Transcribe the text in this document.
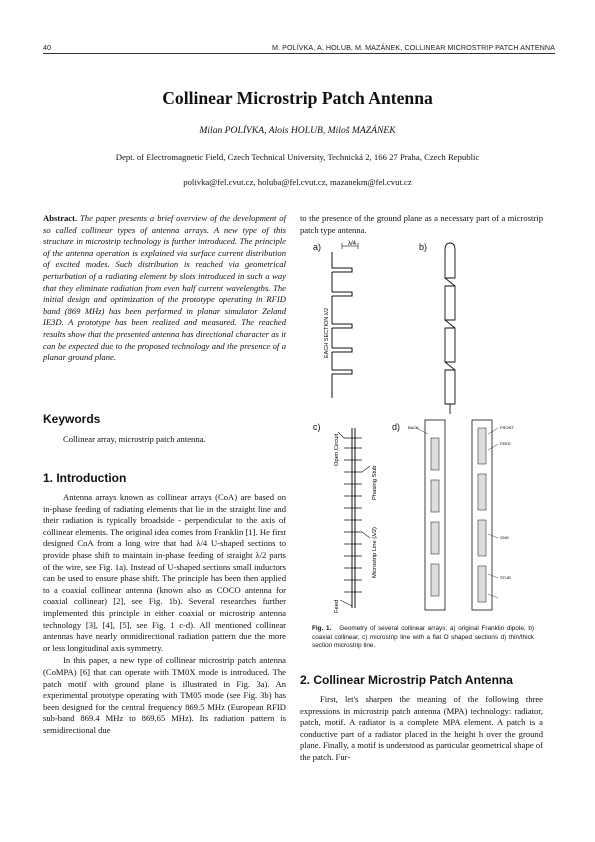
40	M. POLÍVKA, A. HOLUB, M. MAZÁNEK, COLLINEAR MICROSTRIP PATCH ANTENNA
Collinear Microstrip Patch Antenna
Milan POLÍVKA, Alois HOLUB, Miloš MAZÁNEK
Dept. of Electromagnetic Field, Czech Technical University, Technická 2, 166 27 Praha, Czech Republic
polivka@fel.cvut.cz, holuba@fel.cvut.cz, mazanekm@fel.cvut.cz

Abstract. The paper presents a brief overview of the development of so called collinear types of antenna arrays. A new type of this structure in microstrip technology is further introduced. The principle of the antenna operation is explained via surface current distribution of excited modes. Such distribution is reached via geometrical perturbation of a radiating element by slots introduced in such a way that they eliminate radiation from even half current wavelengths. The initial design and optimization of the prototype operating in RFID band (869 MHz) has been performed in planar simulator Zeland IE3D. A prototype has been realized and measured. The reached results show that the presented antenna has directional character as it can be expected due to the proposed technology and the presence of a planar ground plane.

Keywords

Collinear array, microstrip patch antenna.

1. Introduction

Antenna arrays known as collinear arrays (CoA) are based on in-phase feeding of radiating elements that lie in the straight line and their radiation is typically broadside - perpendicular to the axis of collinear elements. The original idea comes from Franklin [1]. He first designed CoA from a long wire that had λ/4 U-shaped sections to provide phase shift to maintain in-phase feeding of straight λ/2 parts of the wire, see Fig. 1a). Instead of U-shaped sections small inductors can be used to ensure phase shift. The principle has been then applied to a coaxial collinear antenna (known also as COCO antenna for coaxial collinear) [2], see Fig. 1b). Several researches further implemented this principle in either coaxial or microstrip antenna technology [3], [4], [5], see Fig. 1 c-d). All mentioned collinear antennas have nearly omnidirectional radiation pattern due the more or less longitudinal axis symmetry.

In this paper, a new type of collinear microstrip patch antenna (CoMPA) [6] that can operate with TM0X mode is introduced. The patch motif with ground plane is illustrated in Fig. 3a). An experimental prototype operating with TM05 mode (see Fig. 3b) has been designed for the central frequency 869.5 MHz (European RFID sub-band 869.4 MHz to 869.65 MHz). Its radiation pattern is semidirectional due

to the presence of the ground plane as a necessary part of a microstrip patch type antenna.

a)	b)
c)	d)
λ/4
EACH SECTION λ/2
Open Circuit
Phasing Stub
Microstrip Line (λ/2)
Feed
BACK	FRONT
FEED
GND
STUB
Fig. 1. Geometry of several collinear arrays: a) original Franklin dipole, b) coaxial collinear, c) microstrip line with a flat O shaped sections d) thin/thick section microstrip line.
2. Collinear Microstrip Patch Antenna

First, let's sharpen the meaning of the following three expressions in microstrip patch antenna (MPA) technology: radiator, patch, motif. A radiator is a complete MPA element. A patch is a conductive part of a radiator placed in the height h over the ground plane. Finally, a motif is understood as particular geometrical shape of the patch. Fur-
